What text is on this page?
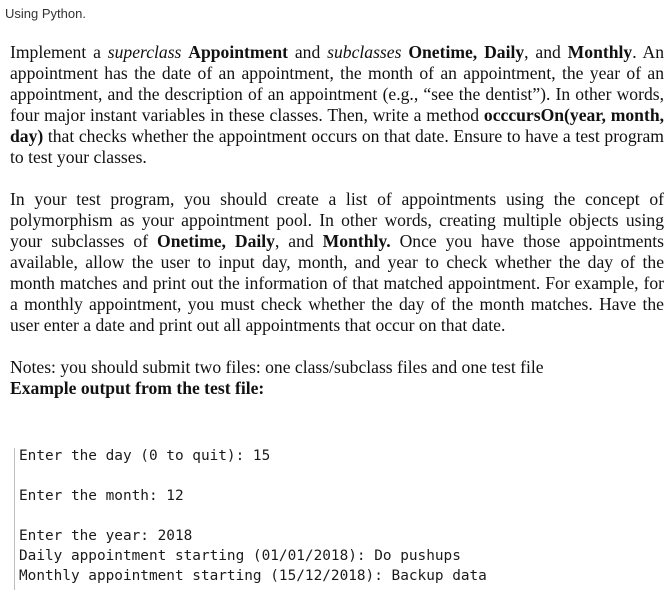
Using Python.

Implement a superclass Appointment and subclasses Onetime, Daily, and Monthly. An appointment has the date of an appointment, the month of an appointment, the year of an appointment, and the description of an appointment (e.g., “see the dentist”). In other words, four major instant variables in these classes. Then, write a method occcursOn(year, month, day) that checks whether the appointment occurs on that date. Ensure to have a test program to test your classes.

In your test program, you should create a list of appointments using the concept of polymorphism as your appointment pool. In other words, creating multiple objects using your subclasses of Onetime, Daily, and Monthly. Once you have those appointments available, allow the user to input day, month, and year to check whether the day of the month matches and print out the information of that matched appointment. For example, for a monthly appointment, you must check whether the day of the month matches. Have the user enter a date and print out all appointments that occur on that date.

Notes: you should submit two files: one class/subclass files and one test file

Example output from the test file:

Enter the day (0 to quit): 15
Enter the month: 12
Enter the year: 2018
Daily appointment starting (01/01/2018): Do pushups
Monthly appointment starting (15/12/2018): Backup data
